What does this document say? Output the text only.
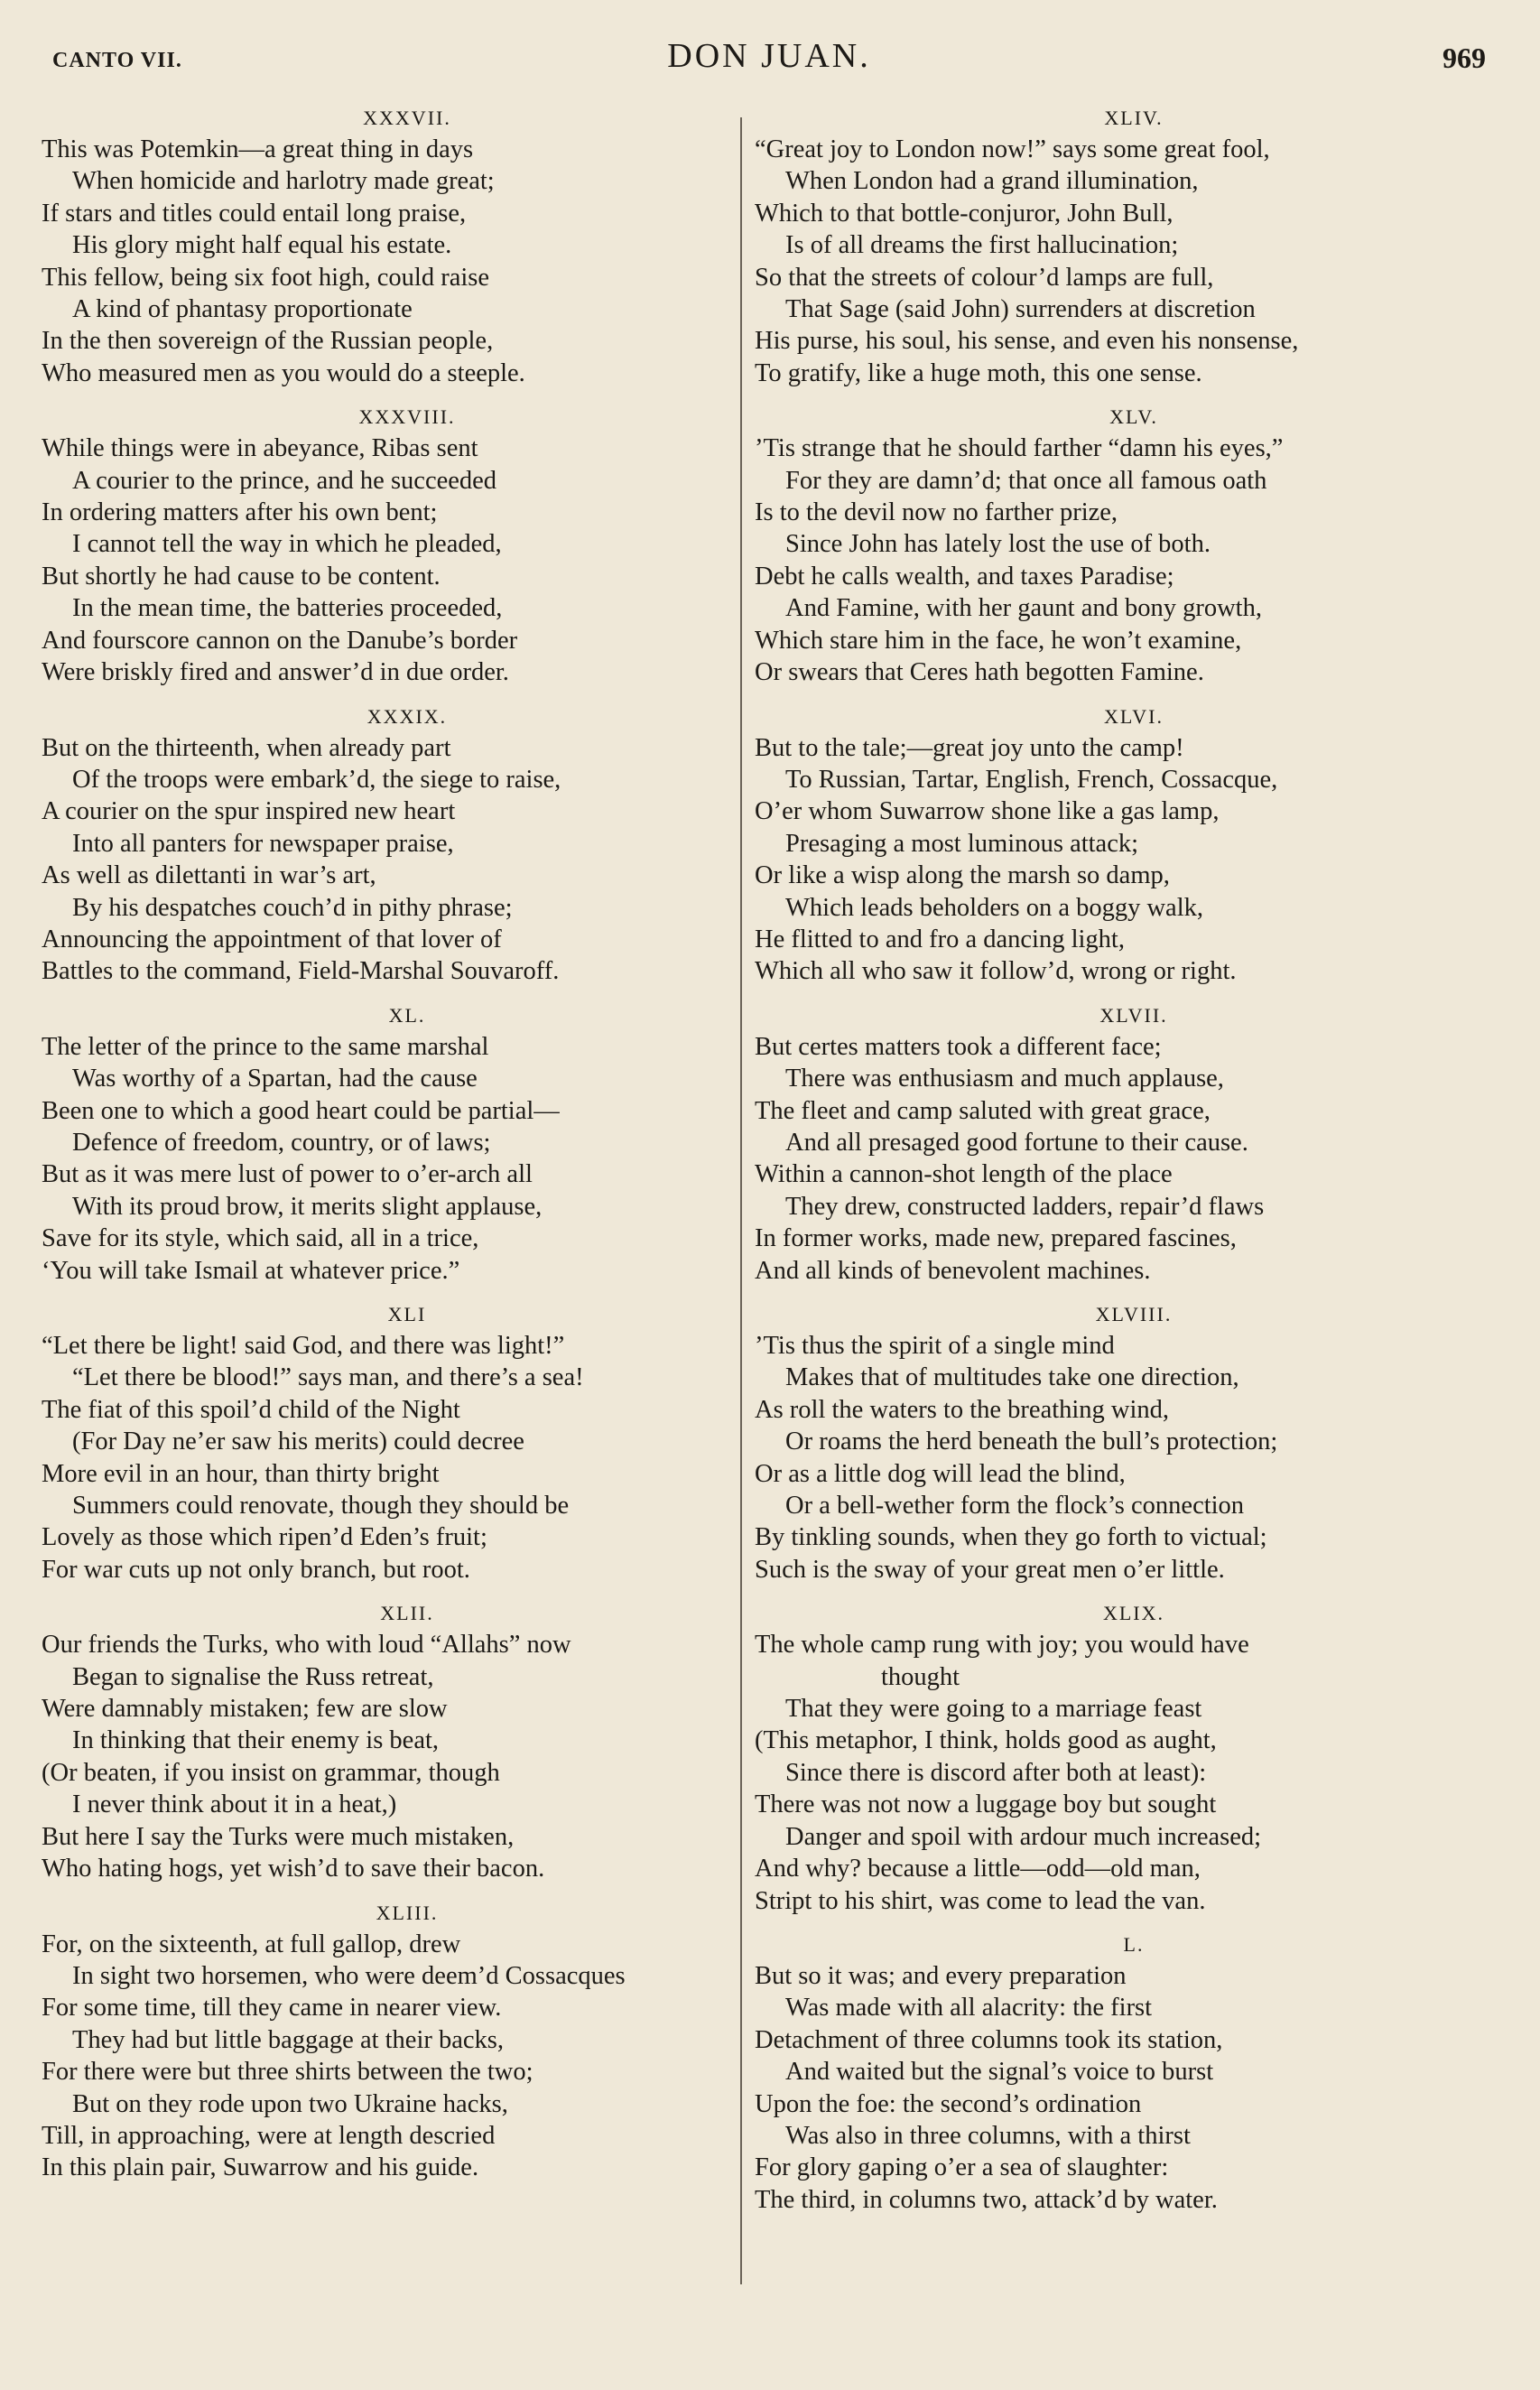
CANTO VII.	DON JUAN.	969
XXXVII.
This was Potemkin—a great thing in days
When homicide and harlotry made great;
If stars and titles could entail long praise,
His glory might half equal his estate.
This fellow, being six foot high, could raise
A kind of phantasy proportionate
In the then sovereign of the Russian people,
Who measured men as you would do a steeple.
XXXVIII.
While things were in abeyance, Ribas sent
A courier to the prince, and he succeeded
In ordering matters after his own bent;
I cannot tell the way in which he pleaded,
But shortly he had cause to be content.
In the mean time, the batteries proceeded,
And fourscore cannon on the Danube’s border
Were briskly fired and answer’d in due order.
XXXIX.
But on the thirteenth, when already part
Of the troops were embark’d, the siege to raise,
A courier on the spur inspired new heart
Into all panters for newspaper praise,
As well as dilettanti in war’s art,
By his despatches couch’d in pithy phrase;
Announcing the appointment of that lover of
Battles to the command, Field-Marshal Souvaroff.
XL.
The letter of the prince to the same marshal
Was worthy of a Spartan, had the cause
Been one to which a good heart could be partial—
Defence of freedom, country, or of laws;
But as it was mere lust of power to o’er-arch all
With its proud brow, it merits slight applause,
Save for its style, which said, all in a trice,
‘You will take Ismail at whatever price.”
XLI
“Let there be light! said God, and there was light!”
“Let there be blood!” says man, and there’s a sea!
The fiat of this spoil’d child of the Night
(For Day ne’er saw his merits) could decree
More evil in an hour, than thirty bright
Summers could renovate, though they should be
Lovely as those which ripen’d Eden’s fruit;
For war cuts up not only branch, but root.
XLII.
Our friends the Turks, who with loud “Allahs” now
Began to signalise the Russ retreat,
Were damnably mistaken; few are slow
In thinking that their enemy is beat,
(Or beaten, if you insist on grammar, though
I never think about it in a heat,)
But here I say the Turks were much mistaken,
Who hating hogs, yet wish’d to save their bacon.
XLIII.
For, on the sixteenth, at full gallop, drew
In sight two horsemen, who were deem’d Cossacques
For some time, till they came in nearer view.
They had but little baggage at their backs,
For there were but three shirts between the two;
But on they rode upon two Ukraine hacks,
Till, in approaching, were at length descried
In this plain pair, Suwarrow and his guide.
XLIV.
“Great joy to London now!” says some great fool,
When London had a grand illumination,
Which to that bottle-conjuror, John Bull,
Is of all dreams the first hallucination;
So that the streets of colour’d lamps are full,
That Sage (said John) surrenders at discretion
His purse, his soul, his sense, and even his nonsense,
To gratify, like a huge moth, this one sense.
XLV.
’Tis strange that he should farther “damn his eyes,”
For they are damn’d; that once all famous oath
Is to the devil now no farther prize,
Since John has lately lost the use of both.
Debt he calls wealth, and taxes Paradise;
And Famine, with her gaunt and bony growth,
Which stare him in the face, he won’t examine,
Or swears that Ceres hath begotten Famine.
XLVI.
But to the tale;—great joy unto the camp!
To Russian, Tartar, English, French, Cossacque,
O’er whom Suwarrow shone like a gas lamp,
Presaging a most luminous attack;
Or like a wisp along the marsh so damp,
Which leads beholders on a boggy walk,
He flitted to and fro a dancing light,
Which all who saw it follow’d, wrong or right.
XLVII.
But certes matters took a different face;
There was enthusiasm and much applause,
The fleet and camp saluted with great grace,
And all presaged good fortune to their cause.
Within a cannon-shot length of the place
They drew, constructed ladders, repair’d flaws
In former works, made new, prepared fascines,
And all kinds of benevolent machines.
XLVIII.
’Tis thus the spirit of a single mind
Makes that of multitudes take one direction,
As roll the waters to the breathing wind,
Or roams the herd beneath the bull’s protection;
Or as a little dog will lead the blind,
Or a bell-wether form the flock’s connection
By tinkling sounds, when they go forth to victual;
Such is the sway of your great men o’er little.
XLIX.
The whole camp rung with joy; you would have
thought
That they were going to a marriage feast
(This metaphor, I think, holds good as aught,
Since there is discord after both at least):
There was not now a luggage boy but sought
Danger and spoil with ardour much increased;
And why? because a little—odd—old man,
Stript to his shirt, was come to lead the van.
L.
But so it was; and every preparation
Was made with all alacrity: the first
Detachment of three columns took its station,
And waited but the signal’s voice to burst
Upon the foe: the second’s ordination
Was also in three columns, with a thirst
For glory gaping o’er a sea of slaughter:
The third, in columns two, attack’d by water.
